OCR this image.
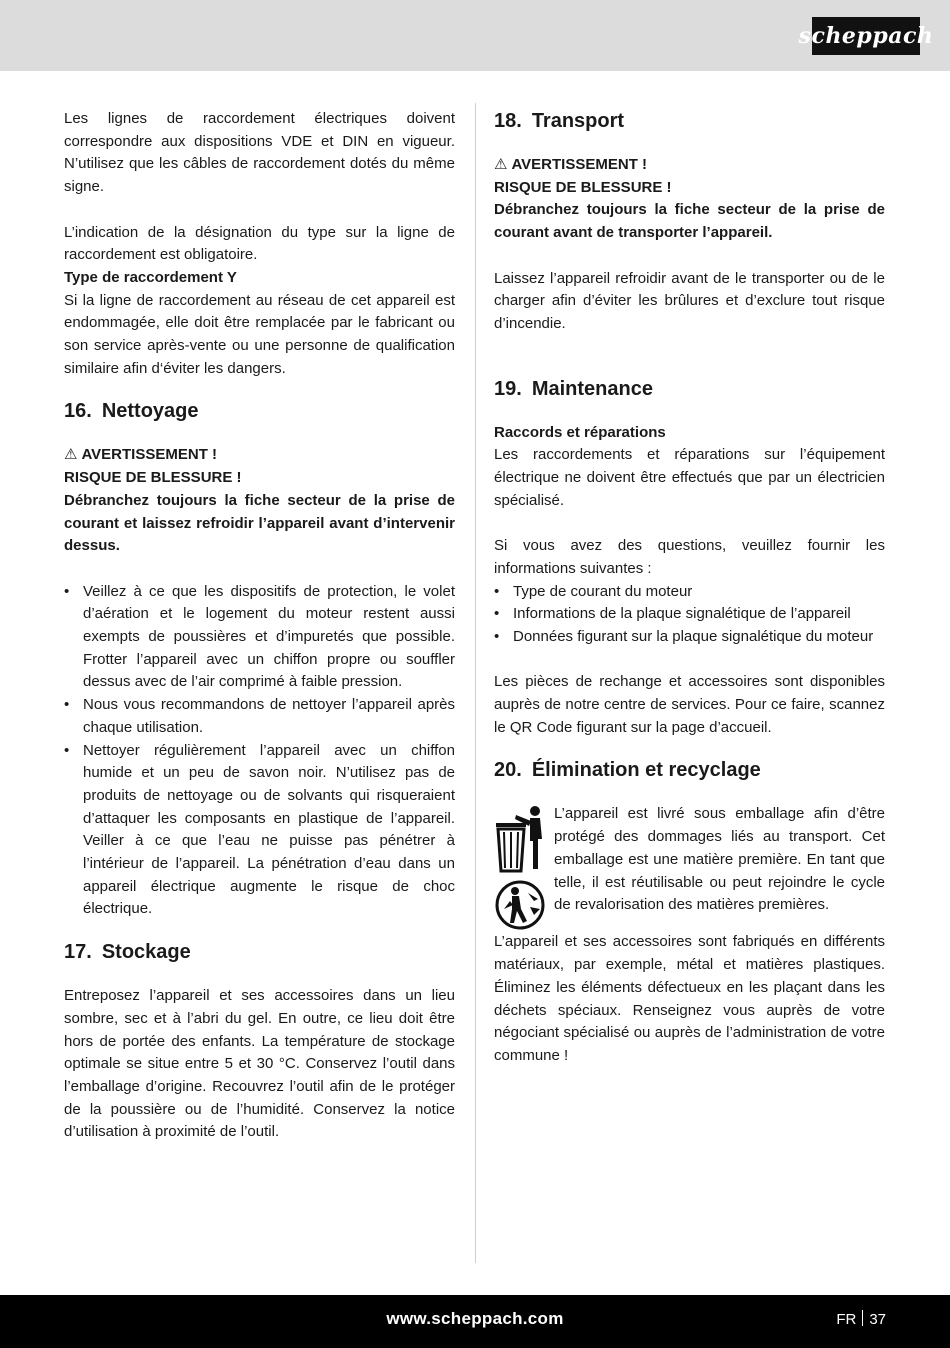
scheppach

Les lignes de raccordement électriques doivent correspondre aux dispositions VDE et DIN en vigueur. N’utilisez que les câbles de raccordement dotés du même signe.

L’indication de la désignation du type sur la ligne de raccordement est obligatoire.

Type de raccordement Y

Si la ligne de raccordement au réseau de cet appareil est endommagée, elle doit être remplacée par le fabricant ou son service après-vente ou une personne de qualification similaire afin d‘éviter les dangers.

16. Nettoyage

⚠ AVERTISSEMENT !

RISQUE DE BLESSURE !

Débranchez toujours la fiche secteur de la prise de courant et laissez refroidir l’appareil avant d’intervenir dessus.

• Veillez à ce que les dispositifs de protection, le volet d’aération et le logement du moteur restent aussi exempts de poussières et d’impuretés que possible. Frotter l’appareil avec un chiffon propre ou souffler dessus avec de l’air comprimé à faible pression.
• Nous vous recommandons de nettoyer l’appareil après chaque utilisation.
• Nettoyer régulièrement l’appareil avec un chiffon humide et un peu de savon noir. N’utilisez pas de produits de nettoyage ou de solvants qui risqueraient d’attaquer les composants en plastique de l’appareil. Veiller à ce que l’eau ne puisse pas pénétrer à l’intérieur de l’appareil. La pénétration d’eau dans un appareil électrique augmente le risque de choc électrique.
17. Stockage

Entreposez l’appareil et ses accessoires dans un lieu sombre, sec et à l’abri du gel. En outre, ce lieu doit être hors de portée des enfants. La température de stockage optimale se situe entre 5 et 30 °C. Conservez l’outil dans l’emballage d’origine. Recouvrez l’outil afin de le protéger de la poussière ou de l’humidité. Conservez la notice d’utilisation à proximité de l’outil.

18. Transport

⚠ AVERTISSEMENT !

RISQUE DE BLESSURE !

Débranchez toujours la fiche secteur de la prise de courant avant de transporter l’appareil.

Laissez l’appareil refroidir avant de le transporter ou de le charger afin d’éviter les brûlures et d’exclure tout risque d’incendie.

19. Maintenance

Raccords et réparations

Les raccordements et réparations sur l’équipement électrique ne doivent être effectués que par un électricien spécialisé.

Si vous avez des questions, veuillez fournir les informations suivantes :

• Type de courant du moteur
• Informations de la plaque signalétique de l’appareil
• Données figurant sur la plaque signalétique du moteur

Les pièces de rechange et accessoires sont disponibles auprès de notre centre de services. Pour ce faire, scannez le QR Code figurant sur la page d’accueil.

20. Élimination et recyclage

L’appareil est livré sous emballage afin d’être protégé des dommages liés au transport. Cet emballage est une matière première. En tant que telle, il est réutilisable ou peut rejoindre le cycle de revalorisation des matières premières.

L’appareil et ses accessoires sont fabriqués en différents matériaux, par exemple, métal et matières plastiques. Éliminez les éléments défectueux en les plaçant dans les déchets spéciaux. Renseignez vous auprès de votre négociant spécialisé ou auprès de l’administration de votre commune !

www.scheppach.com	FR 37
